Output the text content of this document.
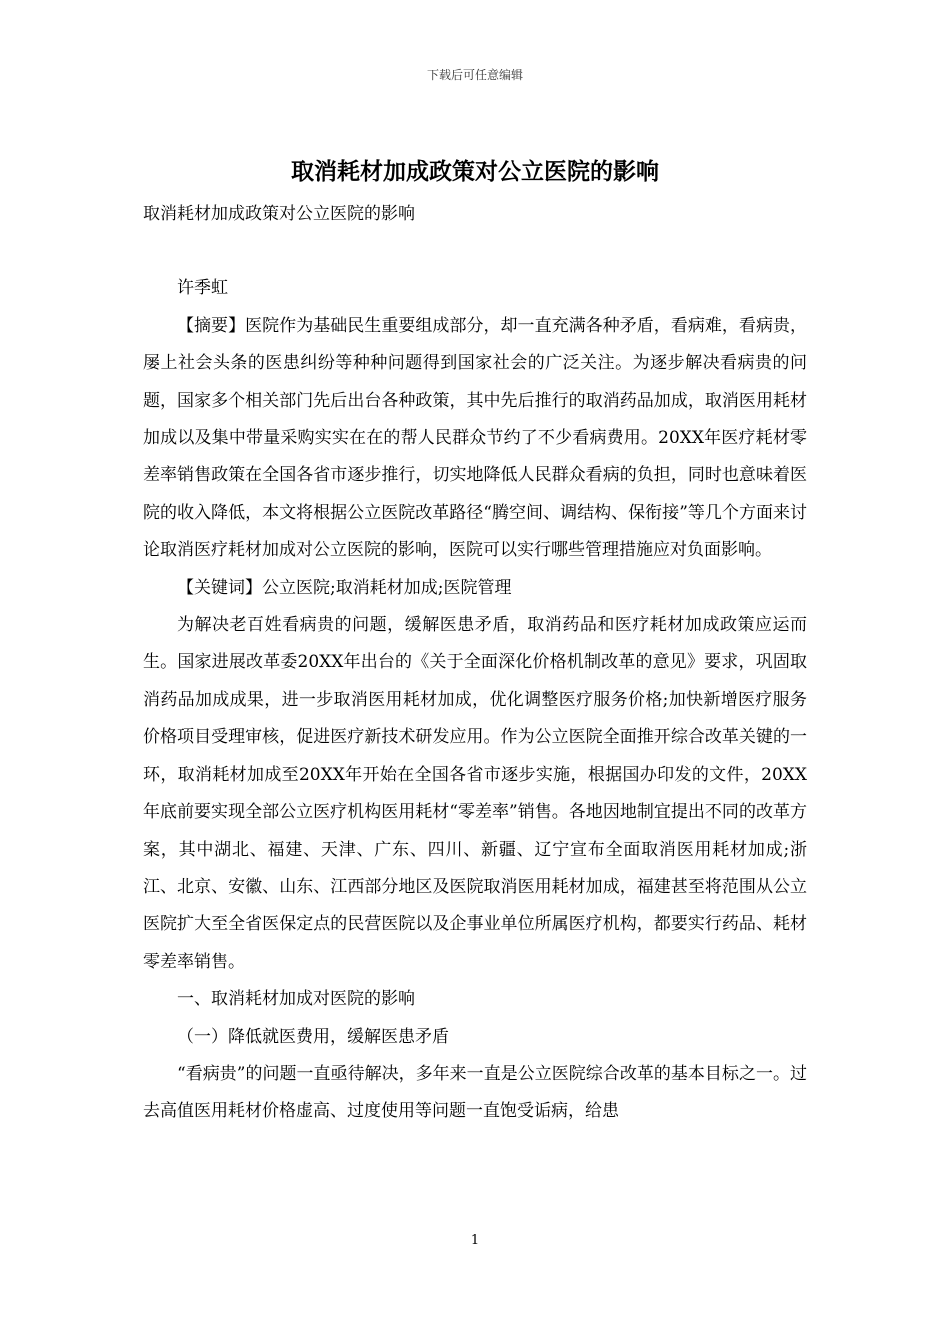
下载后可任意编辑
取消耗材加成政策对公立医院的影响

取消耗材加成政策对公立医院的影响

许季虹

【摘要】医院作为基础民生重要组成部分，却一直充满各种矛盾，看病难，看病贵，屡上社会头条的医患纠纷等种种问题得到国家社会的广泛关注。为逐步解决看病贵的问题，国家多个相关部门先后出台各种政策，其中先后推行的取消药品加成，取消医用耗材加成以及集中带量采购实实在在的帮人民群众节约了不少看病费用。20XX年医疗耗材零差率销售政策在全国各省市逐步推行，切实地降低人民群众看病的负担，同时也意味着医院的收入降低，本文将根据公立医院改革路径“腾空间、调结构、保衔接”等几个方面来讨论取消医疗耗材加成对公立医院的影响，医院可以实行哪些管理措施应对负面影响。

【关键词】公立医院;取消耗材加成;医院管理

为解决老百姓看病贵的问题，缓解医患矛盾，取消药品和医疗耗材加成政策应运而生。国家进展改革委20XX年出台的《关于全面深化价格机制改革的意见》要求，巩固取消药品加成成果，进一步取消医用耗材加成，优化调整医疗服务价格;加快新增医疗服务价格项目受理审核，促进医疗新技术研发应用。作为公立医院全面推开综合改革关键的一环，取消耗材加成至20XX年开始在全国各省市逐步实施，根据国办印发的文件，20XX年底前要实现全部公立医疗机构医用耗材“零差率”销售。各地因地制宜提出不同的改革方案，其中湖北、福建、天津、广东、四川、新疆、辽宁宣布全面取消医用耗材加成;浙江、北京、安徽、山东、江西部分地区及医院取消医用耗材加成，福建甚至将范围从公立医院扩大至全省医保定点的民营医院以及企事业单位所属医疗机构，都要实行药品、耗材零差率销售。

一、取消耗材加成对医院的影响

（一）降低就医费用，缓解医患矛盾

“看病贵”的问题一直亟待解决，多年来一直是公立医院综合改革的基本目标之一。过去高值医用耗材价格虚高、过度使用等问题一直饱受诟病，给患

1
